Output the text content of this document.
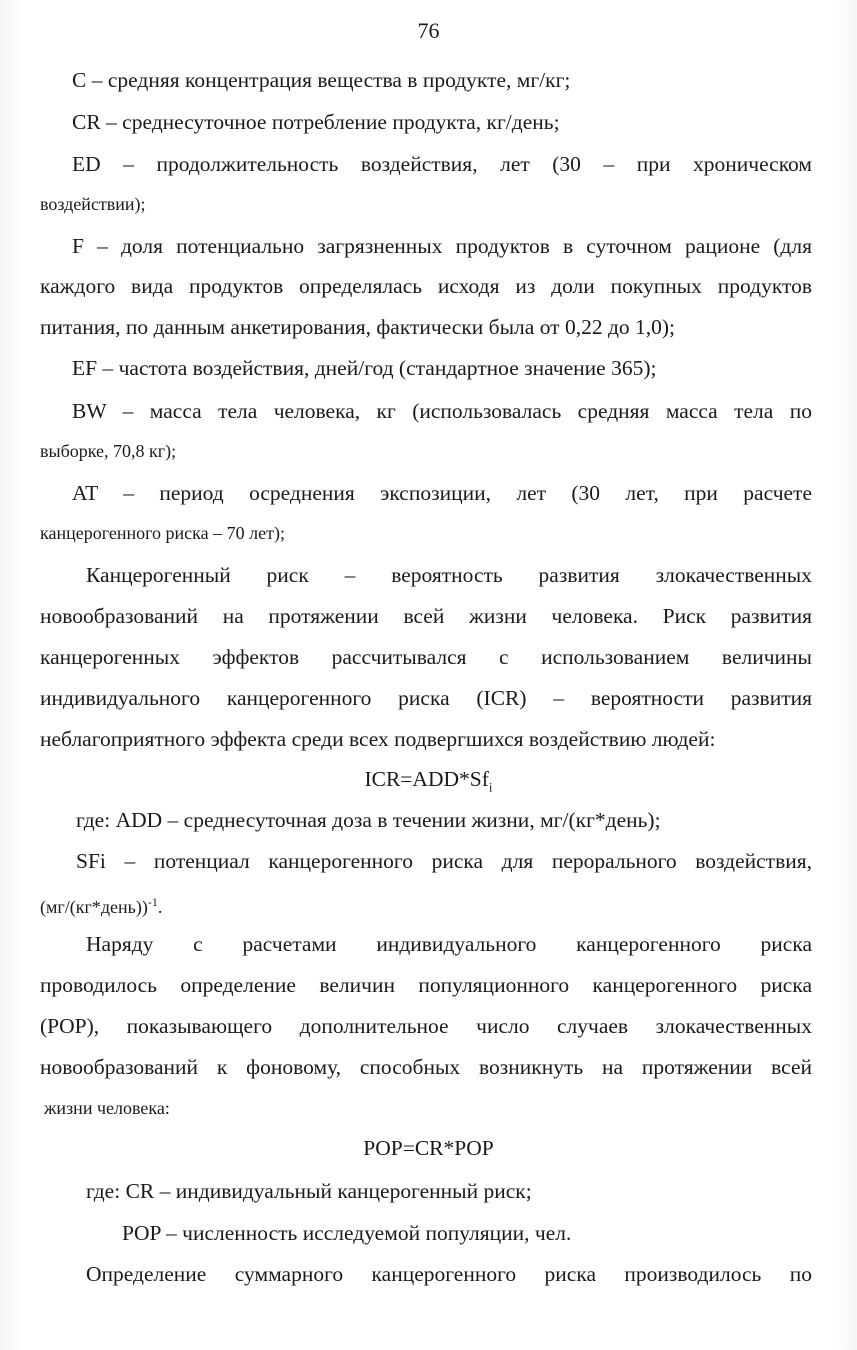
76
C – средняя концентрация вещества в продукте, мг/кг;
CR – среднесуточное потребление продукта, кг/день;
ED – продолжительность воздействия, лет (30 – при хроническом
воздействии);
F – доля потенциально загрязненных продуктов в суточном рационе (для
каждого вида продуктов определялась исходя из доли покупных продуктов
питания, по данным анкетирования, фактически была от 0,22 до 1,0);
EF – частота воздействия, дней/год (стандартное значение 365);
BW – масса тела человека, кг (использовалась средняя масса тела по
выборке, 70,8 кг);
AT – период осреднения экспозиции, лет (30 лет, при расчете
канцерогенного риска – 70 лет);
Канцерогенный риск – вероятность развития злокачественных
новообразований на протяжении всей жизни человека. Риск развития
канцерогенных эффектов рассчитывался с использованием величины
индивидуального канцерогенного риска (ICR) – вероятности развития
неблагоприятного эффекта среди всех подвергшихся воздействию людей:
$ICR=ADD*Sf_i$
где: ADD – среднесуточная доза в течении жизни, мг/(кг*день);
SFi – потенциал канцерогенного риска для перорального воздействия,
(мг/(кг*день))$^{-1}$.
Наряду с расчетами индивидуального канцерогенного риска
проводилось определение величин популяционного канцерогенного риска
(POP), показывающего дополнительное число случаев злокачественных
новообразований к фоновому, способных возникнуть на протяжении всей
жизни человека:
POP=CR*POP
где: CR – индивидуальный канцерогенный риск;
POP – численность исследуемой популяции, чел.
Определение суммарного канцерогенного риска производилось по
